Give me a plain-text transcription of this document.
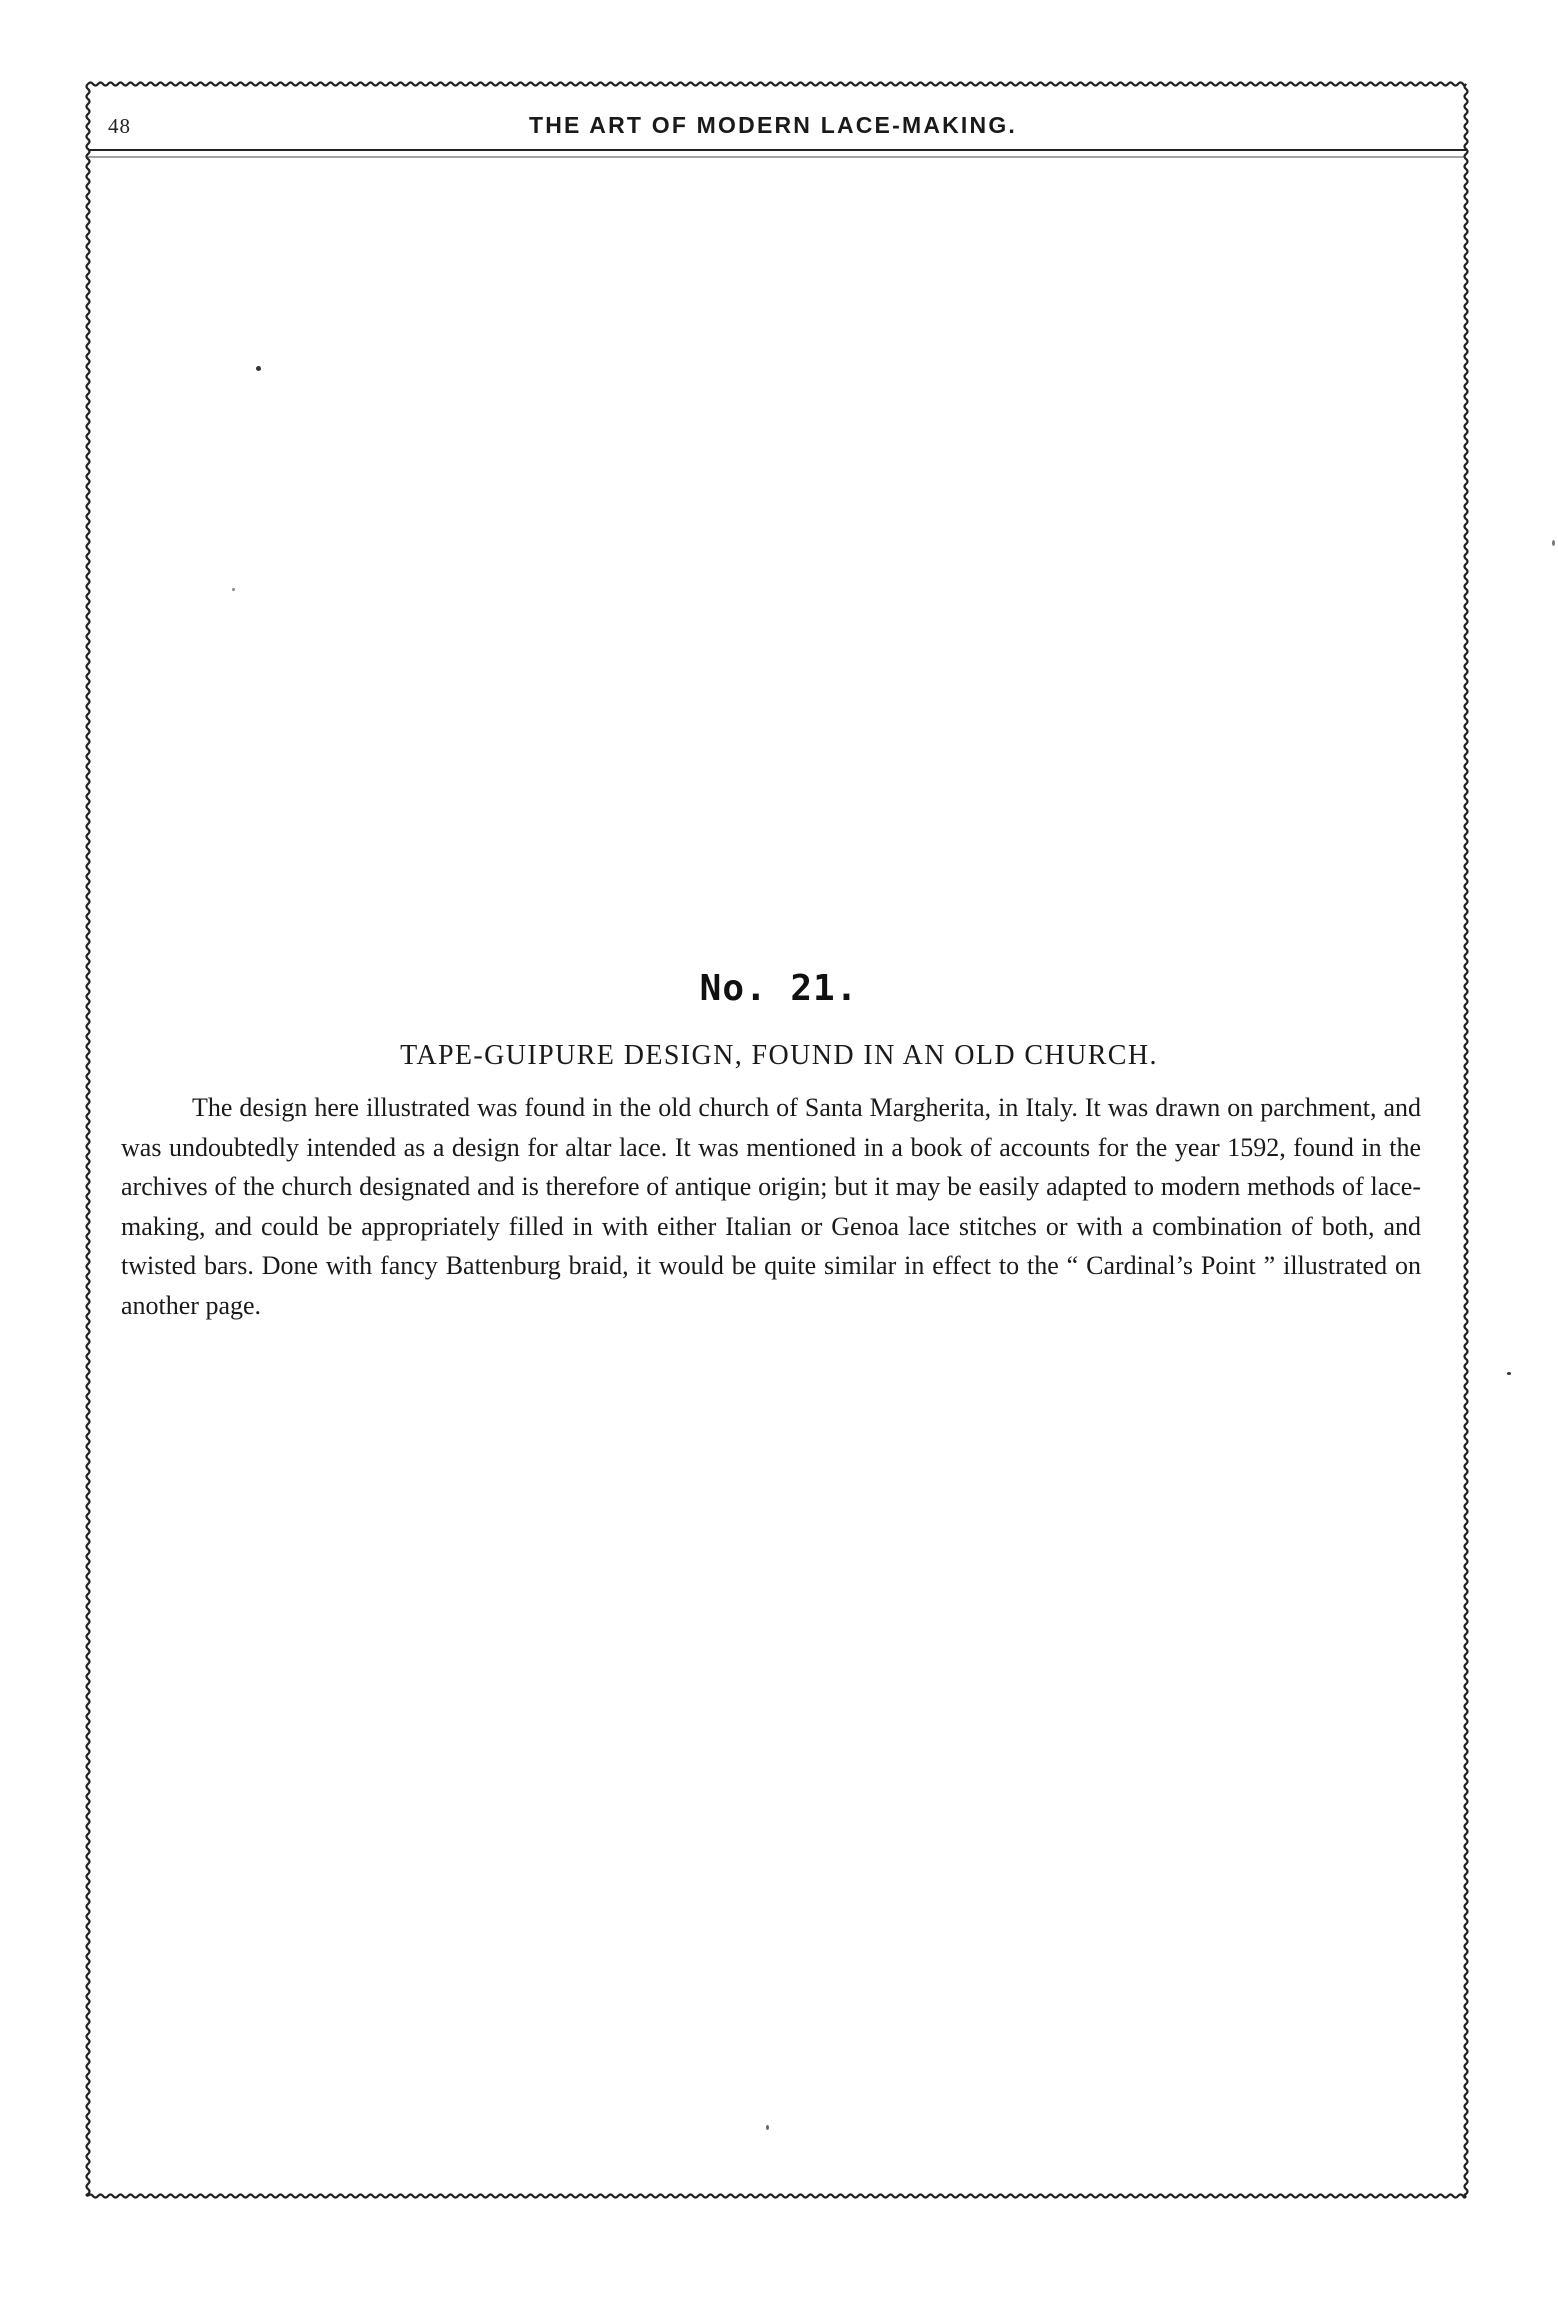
48	THE ART OF MODERN LACE-MAKING.
No. 21.
TAPE-GUIPURE DESIGN, FOUND IN AN OLD CHURCH.

The design here illustrated was found in the old church of Santa Margherita, in Italy. It was drawn on parchment, and was undoubtedly intended as a design for altar lace. It was mentioned in a book of accounts for the year 1592, found in the archives of the church designated and is therefore of antique origin; but it may be easily adapted to modern methods of lace-making, and could be appropriately filled in with either Italian or Genoa lace stitches or with a combination of both, and twisted bars. Done with fancy Battenburg braid, it would be quite similar in effect to the “ Cardinal’s Point ” illustrated on another page.
